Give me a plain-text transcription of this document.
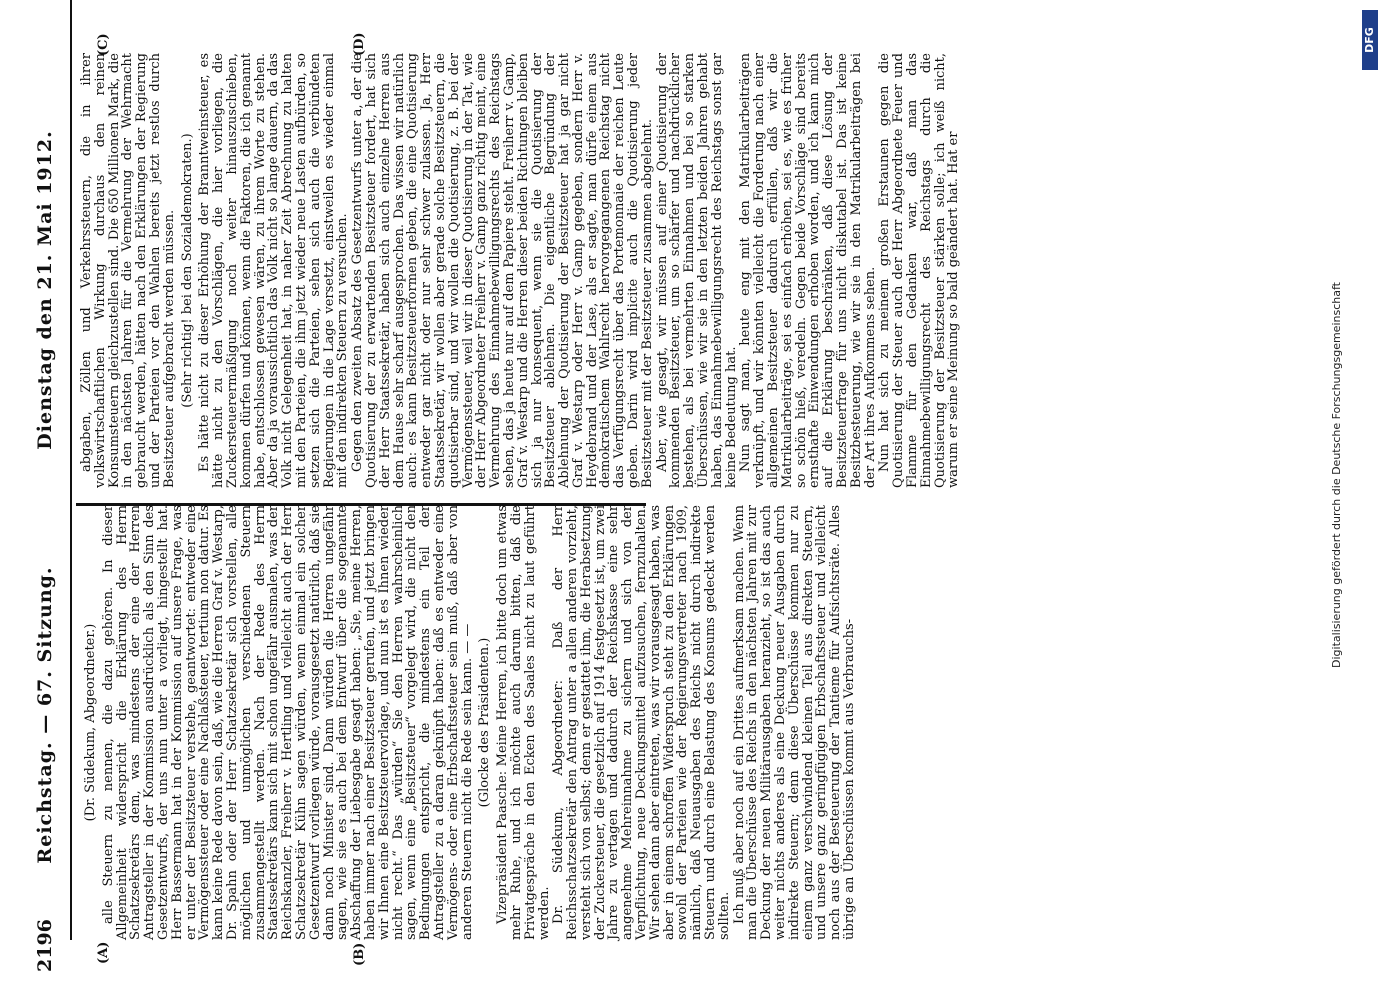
2196
Reichstag. — 67. Sitzung.
Dienstag den 21. Mai 1912.
(A)	(B)
(C)	(D)

(Dr. Südekum, Abgeordneter.) alle Steuern zu nennen, die dazu gehören. In dieser Allgemeinheit widerspricht die Erklärung des Herrn Schatzsekretärs dem, was mindestens der eine der Herren Antragsteller in der Kommission ausdrücklich als den Sinn des Gesetzentwurfs, der uns nun unter a vorliegt, hingestellt hat. Herr Bassermann hat in der Kommission auf unsere Frage, was er unter der Besitzsteuer verstehe, geantwortet: entweder eine Vermögenssteuer oder eine Nachlaßsteuer, tertium non datur. Es kann keine Rede davon sein, daß, wie die Herren Graf v. Westarp, Dr. Spahn oder der Herr Schatzsekretär sich vorstellen, alle möglichen und unmöglichen verschiedenen Steuern zusammengestellt werden. Nach der Rede des Herrn Staatssekretärs kann sich mit schon ungefähr ausmalen, was der Reichskanzler, Freiherr v. Hertling und vielleicht auch der Herr Schatzsekretär Kühn sagen würden, wenn einmal ein solcher Gesetzentwurf vorliegen würde, vorausgesetzt natürlich, daß sie dann noch Minister sind. Dann würden die Herren ungefähr sagen, wie sie es auch bei dem Entwurf über die sogenannte Abschaffung der Liebesgabe gesagt haben: „Sie, meine Herren, haben immer nach einer Besitzsteuer gerufen, und jetzt bringen wir Ihnen eine Besitzsteuervorlage, und nun ist es Ihnen wieder nicht recht.“ Das „würden“ Sie den Herren wahrscheinlich sagen, wenn eine „Besitzsteuer“ vorgelegt wird, die nicht den Bedingungen entspricht, die mindestens ein Teil der Antragsteller zu a daran geknüpft haben: daß es entweder eine Vermögens- oder eine Erbschaftssteuer sein muß, daß aber von anderen Steuern nicht die Rede sein kann. — — (Glocke des Präsidenten.) Vizepräsident Paasche: Meine Herren, ich bitte doch um etwas mehr Ruhe, und ich möchte auch darum bitten, daß die Privatgespräche in den Ecken des Saales nicht zu laut geführt werden. Dr. Südekum, Abgeordneter: Daß der Herr Reichsschatzsekretär den Antrag unter a allen anderen vorzieht, versteht sich von selbst; denn er gestattet ihm, die Herabsetzung der Zuckersteuer, die gesetzlich auf 1914 festgesetzt ist, um zwei Jahre zu vertagen und dadurch der Reichskasse eine sehr angenehme Mehreinnahme zu sichern und sich von der Verpflichtung, neue Deckungsmittel aufzusuchen, fernzuhalten. Wir sehen dann aber eintreten, was wir vorausgesagt haben, was aber in einem schroffen Widerspruch steht zu den Erklärungen sowohl der Parteien wie der Regierungsvertreter nach 1909, nämlich, daß Neuausgaben des Reichs nicht durch indirekte Steuern und durch eine Belastung des Konsums gedeckt werden sollten. Ich muß aber noch auf ein Drittes aufmerksam machen. Wenn man die Überschüsse des Reichs in den nächsten Jahren mit zur Deckung der neuen Militärausgaben heranzieht, so ist das auch weiter nichts anderes als eine Deckung neuer Ausgaben durch indirekte Steuern; denn diese Überschüsse kommen nur zu einem ganz verschwindend kleinen Teil aus direkten Steuern, und unsere ganz geringfügigen Erbschaftssteuer und vielleicht noch aus der Besteuerung der Tantieme für Aufsichtsräte. Alles übrige an Überschüssen kommt aus Verbrauchs-

abgaben, Zöllen und Verkehrssteuern, die in ihrer volkswirtschaftlichen Wirkung durchaus den reinen Konsumsteuern gleichzustellen sind. Die 650 Millionen Mark, die in den nächsten Jahren für die Vermehrung der Wehrmacht gebraucht werden, hätten nach den Erklärungen der Regierung und der Parteien vor den Wahlen bereits jetzt restlos durch Besitzsteuer aufgebracht werden müssen. (Sehr richtig! bei den Sozialdemokraten.) Es hätte nicht zu dieser Erhöhung der Branntweinsteuer, es hätte nicht zu den Vorschlägen, die hier vorliegen, die Zuckersteuerermäßigung noch weiter hinauszuschieben, kommen dürfen und können, wenn die Faktoren, die ich genannt habe, entschlossen gewesen wären, zu ihrem Worte zu stehen. Aber da ja voraussichtlich das Volk nicht so lange dauern, da das Volk nicht Gelegenheit hat, in naher Zeit Abrechnung zu halten mit den Parteien, die ihm jetzt wieder neue Lasten aufbürden, so setzen sich die Parteien, sehen sich auch die verbündeten Regierungen in die Lage versetzt, einstweilen es wieder einmal mit den indirekten Steuern zu versuchen. Gegen den zweiten Absatz des Gesetzentwurfs unter a, der die Quotisierung der zu erwartenden Besitzsteuer fordert, hat sich der Herr Staatssekretär, haben sich auch einzelne Herren aus dem Hause sehr scharf ausgesprochen. Das wissen wir natürlich auch: es kann Besitzsteuerformen geben, die eine Quotisierung entweder gar nicht oder nur sehr schwer zulassen. Ja, Herr Staatssekretär, wir wollen aber gerade solche Besitzsteuern, die quotisierbar sind, und wir wollen die Quotisierung, z. B. bei der Vermögenssteuer, weil wir in dieser Quotisierung in der Tat, wie der Herr Abgeordneter Freiherr v. Gamp ganz richtig meint, eine Vermehrung des Einnahmebewilligungsrechts des Reichstags sehen, das ja heute nur auf dem Papiere steht. Freiherr v. Gamp, Graf v. Westarp und die Herren dieser beiden Richtungen bleiben sich ja nur konsequent, wenn sie die Quotisierung der Besitzsteuer ablehnen. Die eigentliche Begründung der Ablehnung der Quotisierung der Besitzsteuer hat ja gar nicht Graf v. Westarp oder Herr v. Gamp gegeben, sondern Herr v. Heydebrand und der Lase, als er sagte, man dürfe einem aus demokratischem Wahlrecht hervorgegangenen Reichstag nicht das Verfügungsrecht über das Portemonnaie der reichen Leute geben. Darin wird implicite auch die Quotisierung jeder Besitzsteuer mit der Besitzsteuer zusammen abgelehnt. Aber, wie gesagt, wir müssen auf einer Quotisierung der kommenden Besitzsteuer, um so schärfer und nachdrücklicher bestehen, als bei vermehrten Einnahmen und bei so starken Überschüssen, wie wir sie in den letzten beiden Jahren gehabt haben, das Einnahmebewilligungsrecht des Reichstags sonst gar keine Bedeutung hat. Nun sagt man, heute eng mit den Matrikularbeiträgen verknüpft, und wir könnten vielleicht die Forderung nach einer allgemeinen Besitzsteuer dadurch erfüllen, daß wir die Matrikularbeiträge, sei es einfach erhöhen, sei es, wie es früher so schön hieß, veredeln. Gegen beide Vorschläge sind bereits ernsthafte Einwendungen erhoben worden, und ich kann mich auf die Erklärung beschränken, daß diese Lösung der Besitzsteuerfrage für uns nicht diskutabel ist. Das ist keine Besitzbesteuerung, wie wir sie in den Matrikularbeiträgen bei der Art ihres Aufkommens sehen. Nun hat sich zu meinem großen Erstaunen gegen die Quotisierung der Steuer auch der Herr Abgeordnete Feuer und Flamme für den Gedanken war, daß man das Einnahmebewilligungsrecht des Reichstags durch die Quotisierung der Besitzsteuer stärken solle; ich weiß nicht, warum er seine Meinung so bald geändert hat. Hat er	Digitalisierung gefördert durch die Deutsche Forschungsgemeinschaft
DFG
